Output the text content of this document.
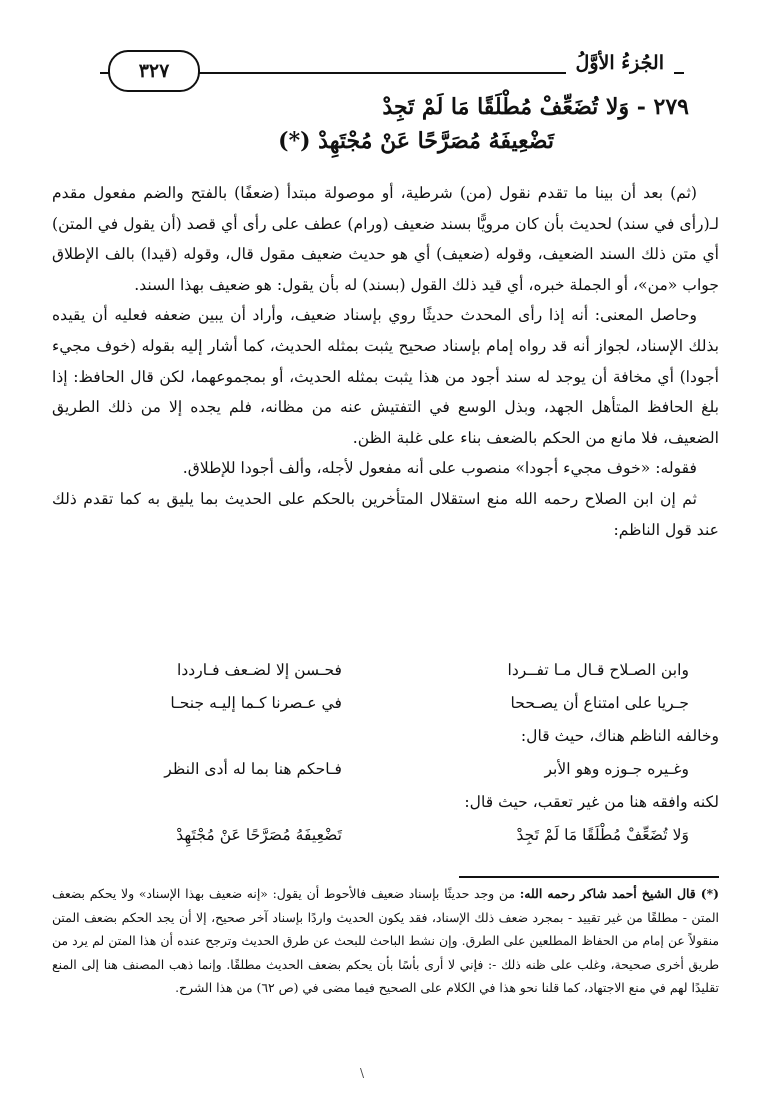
الجُزءُ الأوَّلُ
٣٢٧
٢٧٩ - وَلا تُضَعِّفْ مُطْلَقًا مَا لَمْ تَجِدْ
تَضْعِيفَهُ مُصَرَّحًا عَنْ مُجْتَهِدْ (*)

(ثم) بعد أن بينا ما تقدم نقول (من) شرطية، أو موصولة مبتدأ (ضعفًا) بالفتح والضم مفعول مقدم لـ(رأى في سند) لحديث بأن كان مرويًّا بسند ضعيف (ورام) عطف على رأى أي قصد (أن يقول في المتن) أي متن ذلك السند الضعيف، وقوله (ضعيف) أي هو حديث ضعيف مقول قال، وقوله (قيدا) بالف الإطلاق جواب «من»، أو الجملة خبره، أي قيد ذلك القول (بسند) له بأن يقول: هو ضعيف بهذا السند.

وحاصل المعنى: أنه إذا رأى المحدث حديثًا روي بإسناد ضعيف، وأراد أن يبين ضعفه فعليه أن يقيده بذلك الإسناد، لجواز أنه قد رواه إمام بإسناد صحيح يثبت بمثله الحديث، كما أشار إليه بقوله (خوف مجيء أجودا) أي مخافة أن يوجد له سند أجود من هذا يثبت بمثله الحديث، أو بمجموعهما، لكن قال الحافظ: إذا بلغ الحافظ المتأهل الجهد، وبذل الوسع في التفتيش عنه من مظانه، فلم يجده إلا من ذلك الطريق الضعيف، فلا مانع من الحكم بالضعف بناء على غلبة الظن.

فقوله: «خوف مجيء أجودا» منصوب على أنه مفعول لأجله، وألف أجودا للإطلاق.

ثم إن ابن الصلاح رحمه الله منع استقلال المتأخرين بالحكم على الحديث بما يليق به كما تقدم ذلك عند قول الناظم:

وابن الصـلاح قـال مـا تفــردا
فحـسن إلا لضـعف فـارددا
جـريا على امتناع أن يصـححا
في عـصرنا كـما إليـه جنحـا
وخالفه الناظم هناك، حيث قال:
وغـيره جـوزه وهو الأبر
فـاحكم هنا بما له أدى النظر
لكنه وافقه هنا من غير تعقب، حيث قال:
وَلا تُضَعِّفْ مُطْلَقًا مَا لَمْ تَجِدْ
تَضْعِيفَهُ مُصَرَّحًا عَنْ مُجْتَهِدْ
(*) قال الشيخ أحمد شاكر رحمه الله: من وجد حديثًا بإسناد ضعيف فالأحوط أن يقول: «إنه ضعيف بهذا الإسناد» ولا يحكم بضعف المتن - مطلقًا من غير تقييد - بمجرد ضعف ذلك الإسناد، فقد يكون الحديث واردًا بإسناد آخر صحيح، إلا أن يجد الحكم بضعف المتن منقولاً عن إمام من الحفاظ المطلعين على الطرق. وإن نشط الباحث للبحث عن طرق الحديث وترجح عنده أن هذا المتن لم يرد من طريق أخرى صحيحة، وغلب على ظنه ذلك -: فإني لا أرى بأسًا بأن يحكم بضعف الحديث مطلقًا. وإنما ذهب المصنف هنا إلى المنع تقليدًا لهم في منع الاجتهاد، كما قلنا نحو هذا في الكلام على الصحيح فيما مضى في (ص ٦٢) من هذا الشرح.
\
